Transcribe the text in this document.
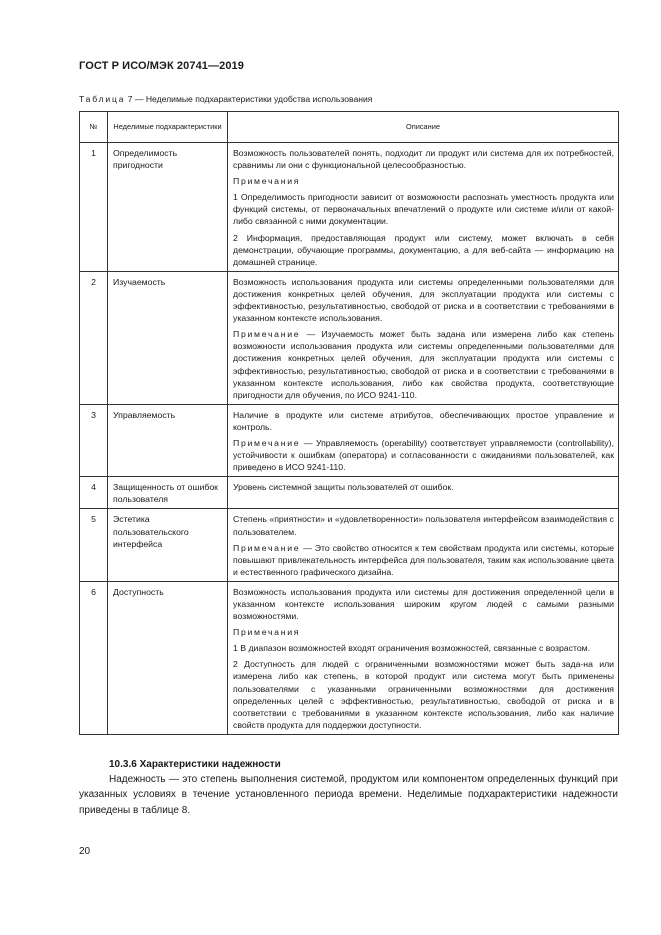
ГОСТ Р ИСО/МЭК 20741—2019
Таблица 7 — Неделимые подхарактеристики удобства использования
№	Неделимые подхарактеристики	Описание
1	Определимость пригодности	Возможность пользователей понять, подходит ли продукт или система для их потребностей, сравнимы ли они с функциональной целесообразностью.

Примечания

1 Определимость пригодности зависит от возможности распознать уместность продукта или функций системы, от первоначальных впечатлений о продукте или системе и/или от какой-либо связанной с ними документации.

2 Информация, предоставляющая продукт или систему, может включать в себя демонстрации, обучающие программы, документацию, а для веб-сайта — информацию на домашней странице.

2	Изучаемость	Возможность использования продукта или системы определенными пользователями для достижения конкретных целей обучения, для эксплуатации продукта или системы с эффективностью, результативностью, свободой от риска и в соответствии с требованиями в указанном контексте использования.

Примечание — Изучаемость может быть задана или измерена либо как степень возможности использования продукта или системы определенными пользователями для достижения конкретных целей обучения, для эксплуатации продукта или системы с эффективностью, результативностью, свободой от риска и в соответствии с требованиями в указанном контексте использования, либо как свойства продукта, соответствующие пригодности для обучения, по ИСО 9241-110.

3	Управляемость	Наличие в продукте или системе атрибутов, обеспечивающих простое управление и контроль.

Примечание — Управляемость (operability) соответствует управляемости (controllability), устойчивости к ошибкам (оператора) и согласованности с ожиданиями пользователей, как приведено в ИСО 9241-110.

4	Защищенность от ошибок пользователя	Уровень системной защиты пользователей от ошибок.

5	Эстетика пользовательского интерфейса	Степень «приятности» и «удовлетворенности» пользователя интерфейсом взаимодействия с пользователем.

Примечание — Это свойство относится к тем свойствам продукта или системы, которые повышают привлекательность интерфейса для пользователя, таким как использование цвета и естественного графического дизайна.

6	Доступность	Возможность использования продукта или системы для достижения определенной цели в указанном контексте использования широким кругом людей с самыми разными возможностями.

Примечания

1 В диапазон возможностей входят ограничения возможностей, связанные с возрастом.

2 Доступность для людей с ограниченными возможностями может быть зада-на или измерена либо как степень, в которой продукт или система могут быть применены пользователями с указанными ограниченными возможностями для достижения определенных целей с эффективностью, результативностью, свободой от риска и в соответствии с требованиями в указанном контексте использования, либо как наличие свойств продукта для поддержки доступности.

10.3.6 Характеристики надежности

Надежность — это степень выполнения системой, продуктом или компонентом определенных функций при указанных условиях в течение установленного периода времени. Неделимые подхарактеристики надежности приведены в таблице 8.

20
